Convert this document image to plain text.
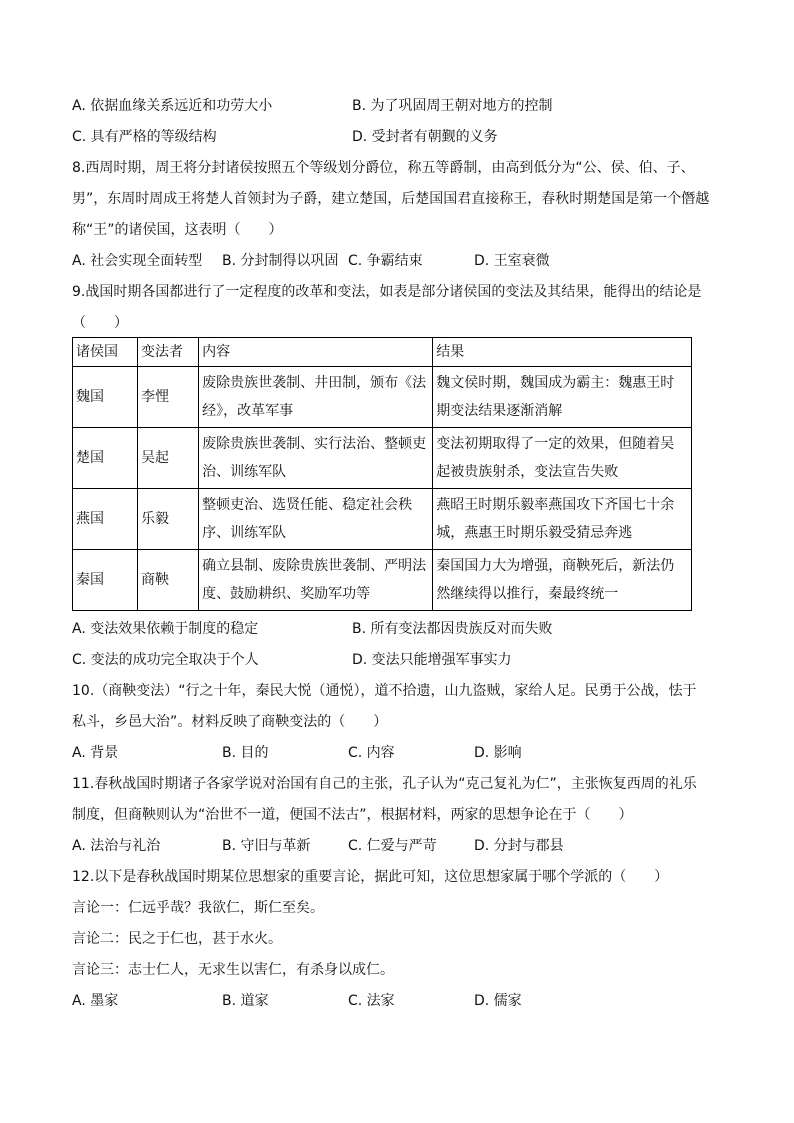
A. 依据血缘关系远近和功劳大小	B. 为了巩固周王朝对地方的控制
C. 具有严格的等级结构	D. 受封者有朝觐的义务
8.西周时期，周王将分封诸侯按照五个等级划分爵位，称五等爵制，由高到低分为“公、侯、伯、子、
男”，东周时周成王将楚人首领封为子爵，建立楚国，后楚国国君直接称王，春秋时期楚国是第一个僭越
称“王”的诸侯国，这表明（　　）
A. 社会实现全面转型	B. 分封制得以巩固 C. 争霸结束	D. 王室衰微
9.战国时期各国都进行了一定程度的改革和变法，如表是部分诸侯国的变法及其结果，能得出的结论是
（　　）
诸侯国	变法者	内容	结果
魏国	李悝	废除贵族世袭制、井田制，颁布《法经》，改革军事	魏文侯时期，魏国成为霸主：魏惠王时期变法结果逐渐消解
楚国	吴起	废除贵族世袭制、实行法治、整顿吏治、训练军队	变法初期取得了一定的效果，但随着吴起被贵族射杀，变法宣告失败
燕国	乐毅	整顿吏治、选贤任能、稳定社会秩序、训练军队	燕昭王时期乐毅率燕国攻下齐国七十余城，燕惠王时期乐毅受猜忌奔逃
秦国	商鞅	确立县制、废除贵族世袭制、严明法度、鼓励耕织、奖励军功等	秦国国力大为增强，商鞅死后，新法仍然继续得以推行，秦最终统一
A. 变法效果依赖于制度的稳定	B. 所有变法都因贵族反对而失败
C. 变法的成功完全取决于个人	D. 变法只能增强军事实力
10.（商鞅变法）“行之十年，秦民大悦（通悦），道不拾遗，山九盗贼，家给人足。民勇于公战，怯于
私斗，乡邑大治”。材料反映了商鞅变法的（　　）
A. 背景	B. 目的	C. 内容	D. 影响
11.春秋战国时期诸子各家学说对治国有自己的主张，孔子认为“克己复礼为仁”，主张恢复西周的礼乐
制度，但商鞅则认为“治世不一道，便国不法古”，根据材料，两家的思想争论在于（　　）
A. 法治与礼治	B. 守旧与革新	C. 仁爱与严苛	D. 分封与郡县
12.以下是春秋战国时期某位思想家的重要言论，据此可知，这位思想家属于哪个学派的（　　）
言论一：仁远乎哉？我欲仁，斯仁至矣。
言论二：民之于仁也，甚于水火。
言论三：志士仁人，无求生以害仁，有杀身以成仁。
A. 墨家	B. 道家	C. 法家	D. 儒家
